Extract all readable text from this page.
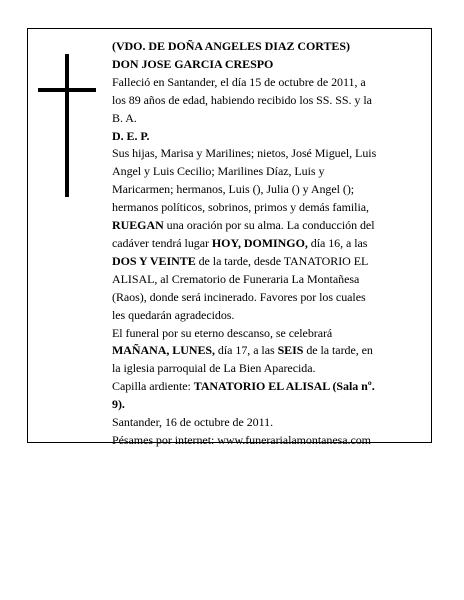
(VDO. DE DOÑA ANGELES DIAZ CORTES)
DON JOSE GARCIA CRESPO
Falleció en Santander, el día 15 de octubre de 2011, a
los 89 años de edad, habiendo recibido los SS. SS. y la
B. A.
D. E. P.
Sus hijas, Marisa y Marilines; nietos, José Miguel, Luis
Angel y Luis Cecilio; Marilines Díaz, Luis y
Maricarmen; hermanos, Luis (), Julia () y Angel ();
hermanos políticos, sobrinos, primos y demás familia,
RUEGAN una oración por su alma. La conducción del
cadáver tendrá lugar HOY, DOMINGO, día 16, a las
DOS Y VEINTE de la tarde, desde TANATORIO EL
ALISAL, al Crematorio de Funeraria La Montañesa
(Raos), donde será incinerado. Favores por los cuales
les quedarán agradecidos.
El funeral por su eterno descanso, se celebrará
MAÑANA, LUNES, día 17, a las SEIS de la tarde, en
la iglesia parroquial de La Bien Aparecida.
Capilla ardiente: TANATORIO EL ALISAL (Sala nº.
9).
Santander, 16 de octubre de 2011.
Pésames por internet: www.funerarialamontanesa.com
